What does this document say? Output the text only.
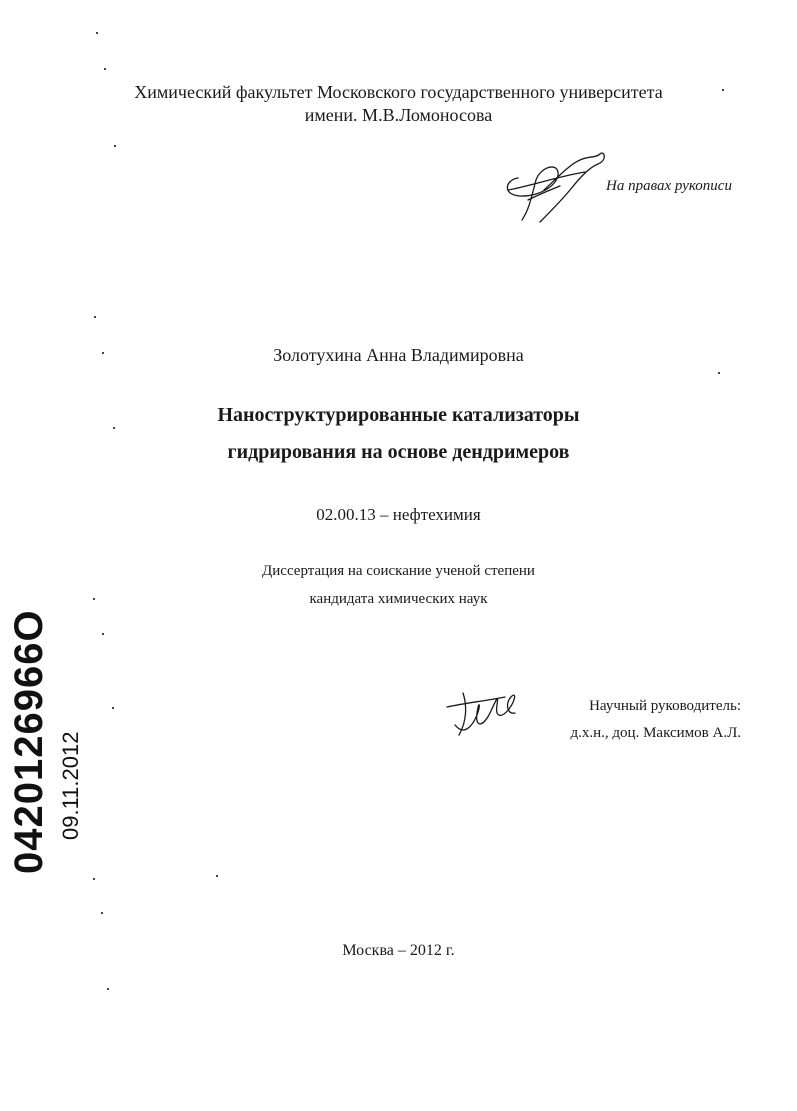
Химический факультет Московского государственного университета
имени. М.В.Ломоносова
На правах рукописи
Золотухина Анна Владимировна
Наноструктурированные катализаторы
гидрирования на основе дендримеров
02.00.13 – нефтехимия
Диссертация на соискание ученой степени
кандидата химических наук
Научный руководитель:
д.х.н., доц. Максимов А.Л.
0420126966О 09.11.2012
Москва – 2012 г.
